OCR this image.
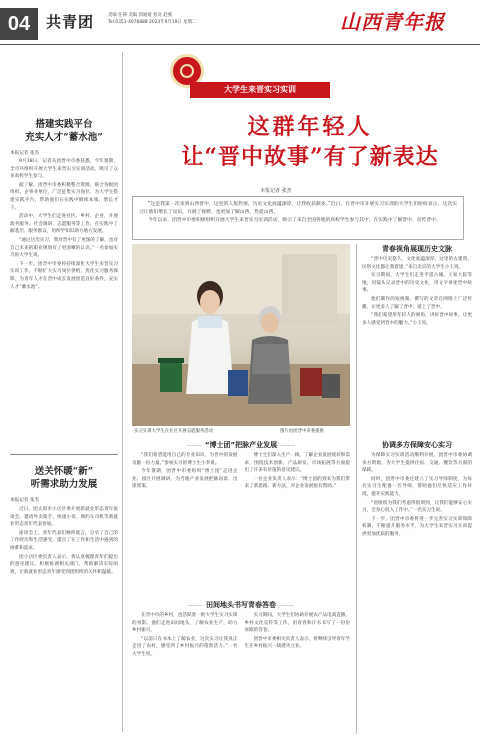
04	共青团	责编 任耕 美编 郭媛媛 校对 赵燕
Tel:0351-4076888 2023年9月19日 星期二	山西青年报
大学生来晋实习实训
这群年轻人
让“晋中故事”有了新表达
本报记者 张杰

“这是我第一次来到山西晋中，这里的人很热情，历史文化底蕴深厚，让我收获颇多。”近日，在晋中市开展实习实训的大学生们纷纷表示，这次实习让他们增长了见识，开阔了视野，也更加了解山西、热爱山西。

今年以来，团晋中市委积极组织开展大学生来晋实习实训活动，吸引了来自全国各地的高校学生参与其中，在实践中了解晋中、宣传晋中。

搭建实践平台
充实人才“蓄水池”
本报记者 张杰

9月18日，记者从团晋中市委获悉，今年暑期，全市共组织开展大学生来晋实习实训活动，吸引了众多高校学生参与。

据了解，团晋中市委积极整合资源，联合各级团组织、企事业单位，广泛征集实习岗位，为大学生搭建实践平台，帮助他们在实践中锻炼本领、增长才干。

活动中，大学生们走进社区、乡村、企业，开展政务服务、社会调研、志愿服务等工作，在实践中了解基层、服务群众，用所学知识助力地方发展。

“通过这次实习，我对晋中有了更深的了解，也对自己未来的职业规划有了更清晰的认识。”一名参加实习的大学生说。

下一步，团晋中市委将持续深化大学生来晋实习实训工作，不断扩大实习岗位供给，优化实习服务保障，为青年人才在晋中成长发展创造良好条件，充实人才“蓄水池”。

送关怀暖“新”
听需求助力发展
本报记者 张杰

近日，团太原市小店区委开展新就业形态青年座谈会，邀请外卖骑手、快递小哥、网约车司机等新就业形态青年代表参加。

座谈会上，青年代表们畅所欲言，分享了自己的工作经历和生活感受，提出了在工作和生活中遇到的困难和需求。

团小店区委负责人表示，将认真梳理青年们提出的意见建议，积极协调相关部门，帮助解决实际困难，让新就业形态青年感受到团组织的关怀和温暖。

实习实训大学生在社区开展志愿服务活动	图片由团晋中市委提供
青春视角展现历史文脉

“晋中历史悠久，文化底蕴深厚，这里的古建筑、民俗文化都让我着迷。”来自北京的大学生小王说。

实习期间，大学生们走进平遥古城、王家大院等地，用镜头记录晋中的历史文化，用文字讲述晋中故事。

他们制作的短视频、撰写的文章在网络上广泛传播，让更多人了解了晋中、爱上了晋中。

“我们希望用年轻人的视角，讲好晋中故事，让更多人感受到晋中的魅力。”小王说。

协调多方保障安心实习

为保障实习实训活动顺利开展，团晋中市委协调多方资源，为大学生提供住宿、交通、餐饮等方面的保障。

同时，团晋中市委还建立了实习导师制度，为每名实习生配备一名导师，帮助他们尽快适应工作环境，提升实践能力。

“团组织为我们考虑得很周到，让我们能够安心实习，全身心投入工作中。”一名实习生说。

下一步，团晋中市委将进一步完善实习实训保障机制，不断提升服务水平，为大学生来晋实习实训提供更加优质的服务。

——— “博士团”把脉产业发展 ———

“我们希望能用自己的专业知识，为晋中的发展贡献一份力量。”参加实习的博士生小李说。

今年暑期，团晋中市委组织“博士团”走进企业、园区开展调研，为当地产业发展把脉问诊、出谋划策。

博士生们深入生产一线，了解企业发展现状和需求，围绕技术创新、产品研发、市场拓展等方面提出了许多有价值的意见建议。

一位企业负责人表示：“博士团的到来为我们带来了新思路、新方法，对企业发展很有帮助。”

——— 田间地头书写青春答卷 ———

在晋中市的乡村，也活跃着一批大学生实习实训的身影。他们走进田间地头，了解农业生产，助力乡村振兴。

“以前只在书本上了解农业，这次实习让我真正走进了农村，感受到了乡村振兴的蓬勃活力。”一名大学生说。

实习期间，大学生们协助开展农产品电商直播、乡村文化宣传等工作，用青春和汗水书写了一份份亮眼的答卷。

团晋中市委相关负责人表示，将继续引导青年学生在乡村振兴一线建功立业。
